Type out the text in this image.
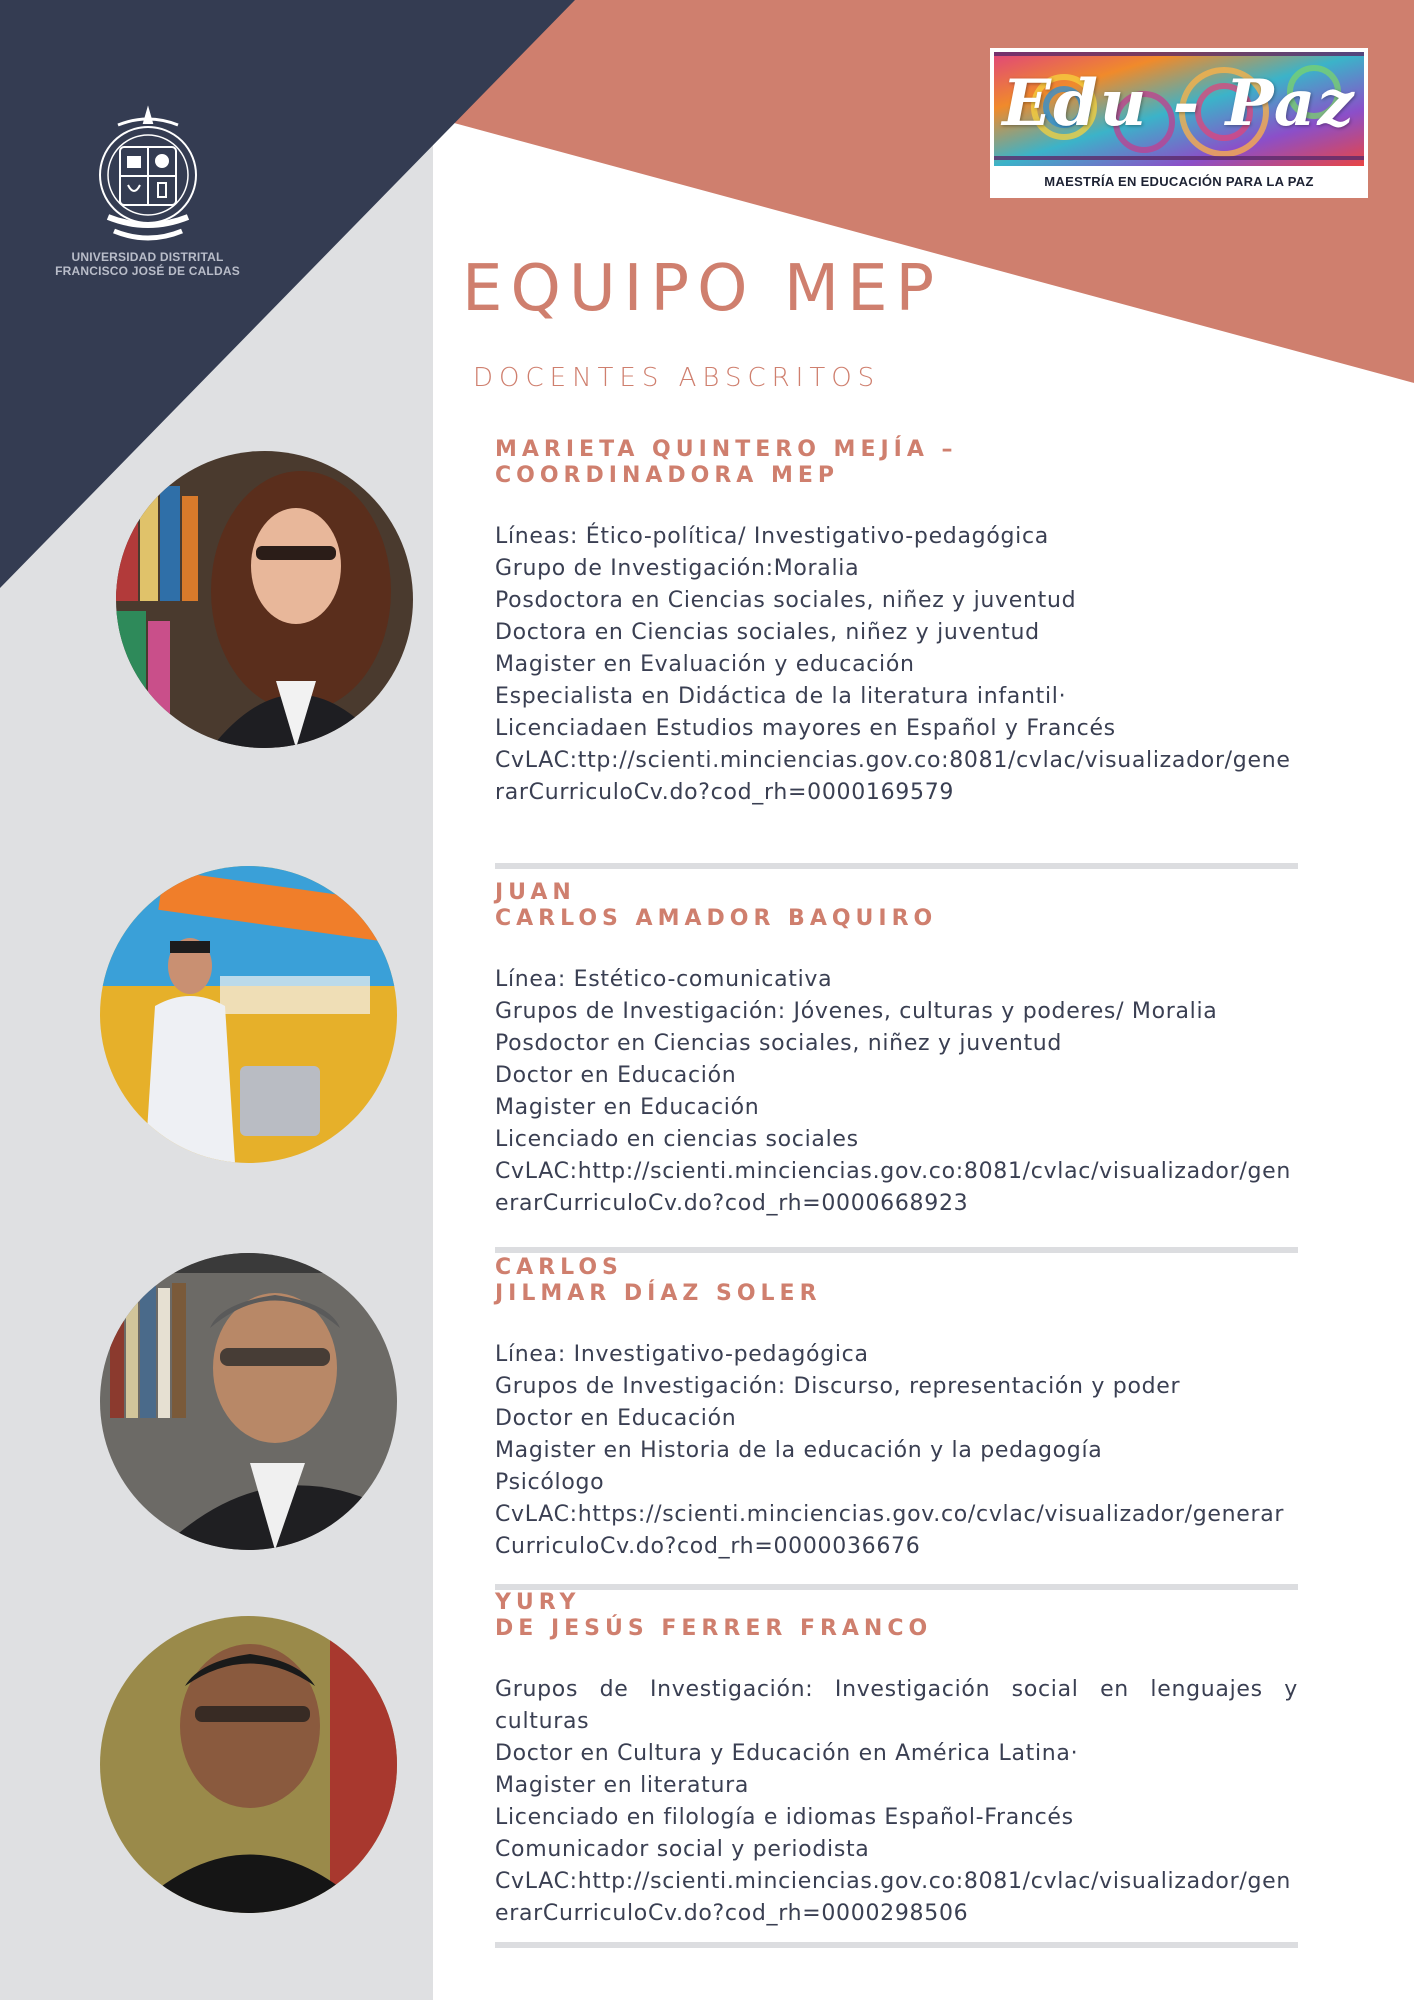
UNIVERSIDAD DISTRITAL
FRANCISCO JOSÉ DE CALDAS
Edu - Paz
MAESTRÍA EN EDUCACIÓN PARA LA PAZ
EQUIPO MEP
DOCENTES ABSCRITOS
MARIETA QUINTERO MEJÍA –
COORDINADORA MEP
Líneas: Ético-política/ Investigativo-pedagógica
Grupo de Investigación:Moralia
Posdoctora en Ciencias sociales, niñez y juventud
Doctora en Ciencias sociales, niñez y juventud
Magister en Evaluación y educación
Especialista en Didáctica de la literatura infantil·
Licenciadaen Estudios mayores en Español y Francés
CvLAC:ttp://scienti.minciencias.gov.co:8081/cvlac/visualizador/gene
rarCurriculoCv.do?cod_rh=0000169579
JUAN
CARLOS AMADOR BAQUIRO
Línea: Estético-comunicativa
Grupos de Investigación: Jóvenes, culturas y poderes/ Moralia
Posdoctor en Ciencias sociales, niñez y juventud
Doctor en Educación
Magister en Educación
Licenciado en ciencias sociales
CvLAC:http://scienti.minciencias.gov.co:8081/cvlac/visualizador/gen
erarCurriculoCv.do?cod_rh=0000668923
CARLOS
JILMAR DÍAZ SOLER
Línea: Investigativo-pedagógica
Grupos de Investigación: Discurso, representación y poder
Doctor en Educación
Magister en Historia de la educación y la pedagogía
Psicólogo
CvLAC:https://scienti.minciencias.gov.co/cvlac/visualizador/generar
CurriculoCv.do?cod_rh=0000036676
YURY
DE JESÚS FERRER FRANCO
Grupos de Investigación: Investigación social en lenguajes y
culturas
Doctor en Cultura y Educación en América Latina·
Magister en literatura
Licenciado en filología e idiomas Español-Francés
Comunicador social y periodista
CvLAC:http://scienti.minciencias.gov.co:8081/cvlac/visualizador/gen
erarCurriculoCv.do?cod_rh=0000298506
